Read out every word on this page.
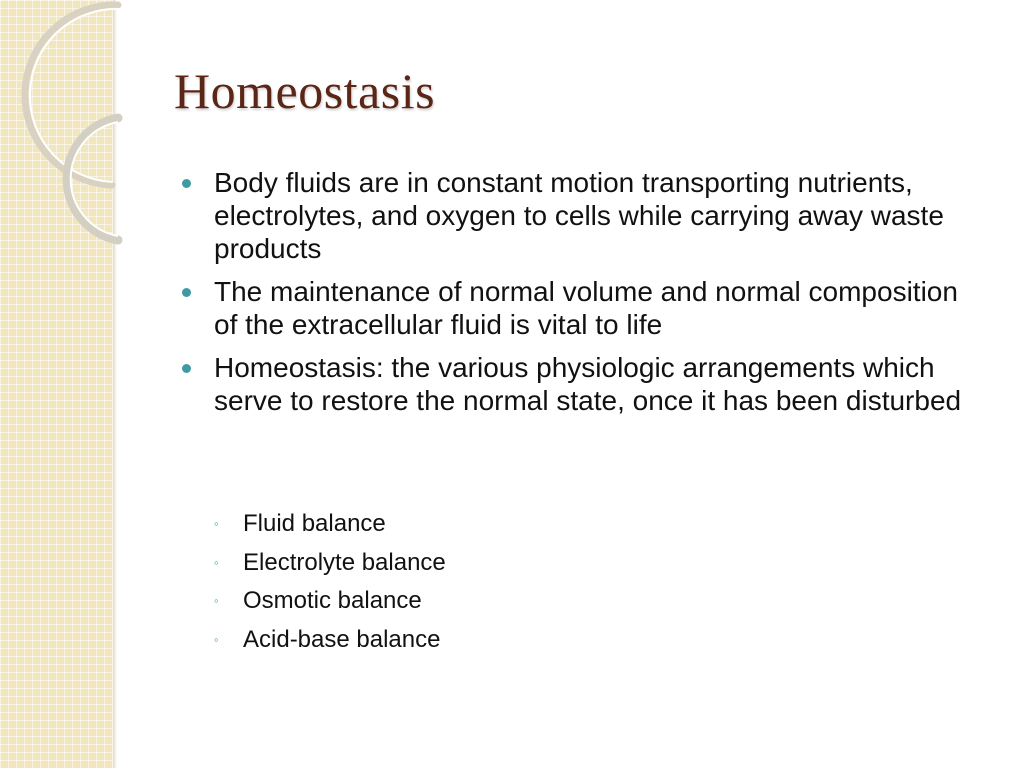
Homeostasis
Body fluids are in constant motion transporting nutrients, electrolytes, and oxygen to cells while carrying away waste products
The maintenance of normal volume and normal composition of the extracellular fluid is vital to life
Homeostasis: the various physiologic arrangements which serve to restore the normal state, once it has been disturbed
◦ Fluid balance
◦ Electrolyte balance
◦ Osmotic balance
◦ Acid-base balance
